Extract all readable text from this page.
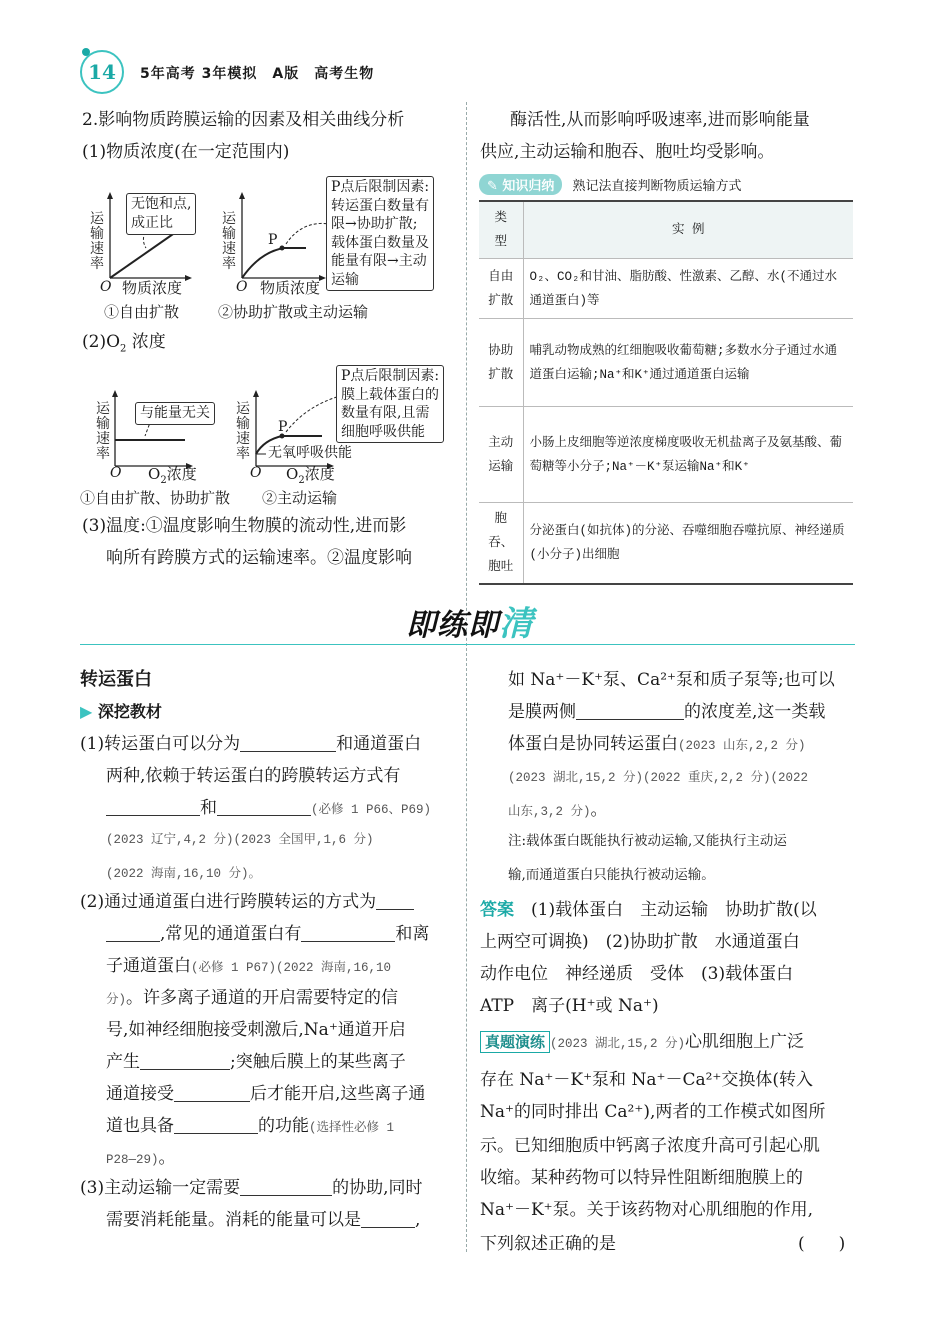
14 5年高考 3年模拟　A版　高考生物
2.影响物质跨膜运输的因素及相关曲线分析
(1)物质浓度(在一定范围内)
运
输
速
率
无饱和点,
成正比
O 物质浓度
运
输
速
率
P
O 物质浓度
P点后限制因素:
转运蛋白数量有
限→协助扩散;
载体蛋白数量及
能量有限→主动
运输
①自由扩散	②协助扩散或主动运输
$(2)O_2$ 浓度
运
输
速
率
与能量无关
O $O_2$浓度
运
输
速
率
P
P点后限制因素:
膜上载体蛋白的
数量有限,且需
细胞呼吸供能
无氧呼吸供能
O $O_2$浓度
①自由扩散、协助扩散 ②主动运输
(3)温度:①温度影响生物膜的流动性,进而影
响所有跨膜方式的运输速率。②温度影响
酶活性,从而影响呼吸速率,进而影响能量
供应,主动运输和胞吞、胞吐均受影响。
✎ 知识归纳	熟记法直接判断物质运输方式
类 型	实 例
自由扩散	O₂、CO₂和甘油、脂肪酸、性激素、乙醇、水(不通过水通道蛋白)等
协助扩散	哺乳动物成熟的红细胞吸收葡萄糖;多数水分子通过水通道蛋白运输;Na⁺和K⁺通过通道蛋白运输
主动运输	小肠上皮细胞等逆浓度梯度吸收无机盐离子及氨基酸、葡萄糖等小分子;Na⁺－K⁺泵运输Na⁺和K⁺
胞吞、胞吐	分泌蛋白(如抗体)的分泌、吞噬细胞吞噬抗原、神经递质(小分子)出细胞
即练即清
转运蛋白
▶ 深挖教材
(1)转运蛋白可以分为	和通道蛋白
两种,依赖于转运蛋白的跨膜转运方式有
和	(必修 1 P66、P69)
(2023 辽宁,4,2 分)(2023 全国甲,1,6 分)
(2022 海南,16,10 分)。
(2)通过通道蛋白进行跨膜转运的方式为
,常见的通道蛋白有	和离
子通道蛋白(必修 1 P67)(2022 海南,16,10
分)。许多离子通道的开启需要特定的信
号,如神经细胞接受刺激后,Na⁺通道开启
产生	;突触后膜上的某些离子
通道接受	后才能开启,这些离子通
道也具备	的功能(选择性必修 1
P28—29)。
(3)主动运输一定需要	的协助,同时
需要消耗能量。消耗的能量可以是	,
如 Na⁺－K⁺泵、Ca²⁺泵和质子泵等;也可以
是膜两侧	的浓度差,这一类载
体蛋白是协同转运蛋白(2023 山东,2,2 分)
(2023 湖北,15,2 分)(2022 重庆,2,2 分)(2022
山东,3,2 分)。
注:载体蛋白既能执行被动运输,又能执行主动运
输,而通道蛋白只能执行被动运输。
答案　 (1)载体蛋白　主动运输　协助扩散(以
上两空可调换)　(2)协助扩散　水通道蛋白
动作电位　神经递质　受体　(3)载体蛋白
ATP　离子(H⁺或 Na⁺)
真题演练 (2023 湖北,15,2 分)心肌细胞上广泛
存在 Na⁺－K⁺泵和 Na⁺－Ca²⁺交换体(转入
Na⁺的同时排出 Ca²⁺),两者的工作模式如图所
示。已知细胞质中钙离子浓度升高可引起心肌
收缩。某种药物可以特异性阻断细胞膜上的
Na⁺－K⁺泵。关于该药物对心肌细胞的作用,
下列叙述正确的是	(　　)
